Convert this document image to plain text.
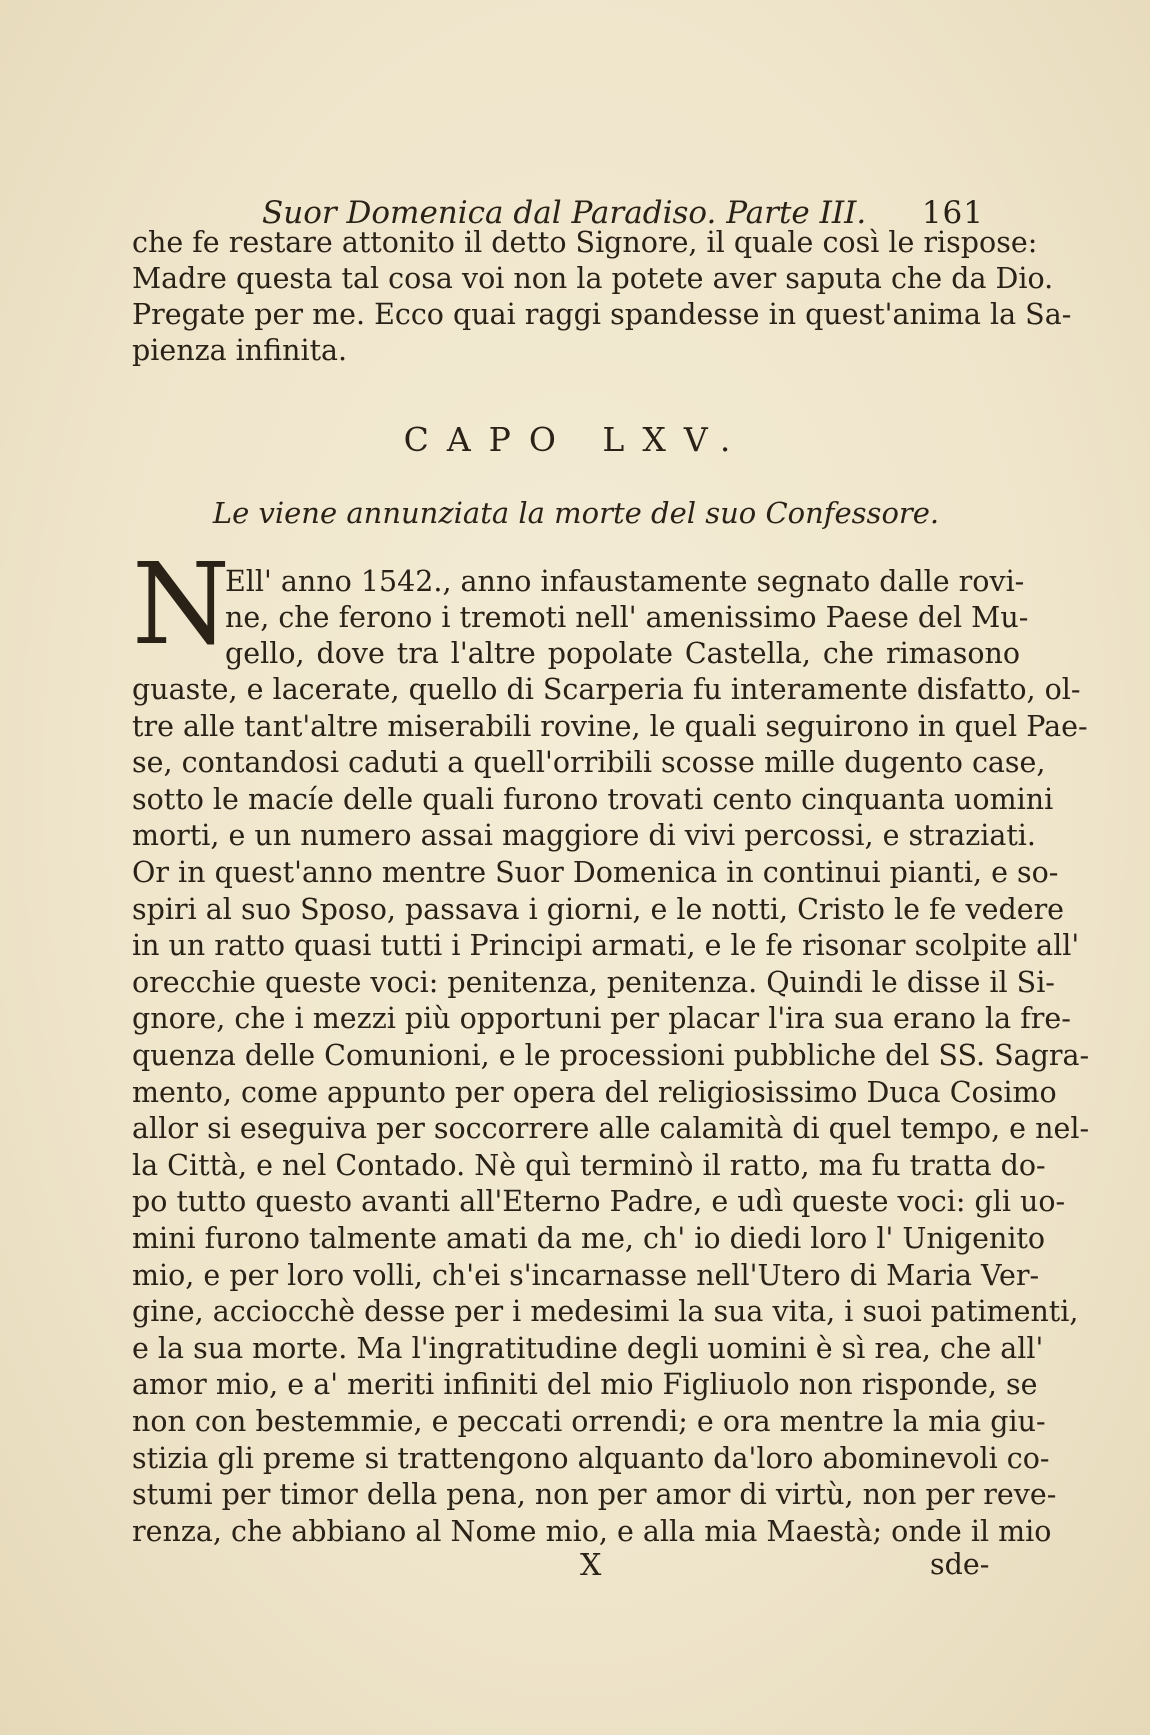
Suor Domenica dal Paradiso. Parte III. 161
che fe restare attonito il detto Signore, il quale così le rispose:
Madre questa tal cosa voi non la potete aver saputa che da Dio.
Pregate per me. Ecco quai raggi spandesse in quest'anima la Sa-
pienza infinita.
CAPO LXV.
Le viene annunziata la morte del suo Confessore.
N
Ell' anno 1542., anno infaustamente segnato dalle rovi-
ne, che ferono i tremoti nell' amenissimo Paese del Mu-
gello, dove tra l'altre popolate Castella, che rimasono
guaste, e lacerate, quello di Scarperia fu interamente disfatto, ol-
tre alle tant'altre miserabili rovine, le quali seguirono in quel Pae-
se, contandosi caduti a quell'orribili scosse mille dugento case,
sotto le macíe delle quali furono trovati cento cinquanta uomini
morti, e un numero assai maggiore di vivi percossi, e straziati.
Or in quest'anno mentre Suor Domenica in continui pianti, e so-
spiri al suo Sposo, passava i giorni, e le notti, Cristo le fe vedere
in un ratto quasi tutti i Principi armati, e le fe risonar scolpite all'
orecchie queste voci: penitenza, penitenza. Quindi le disse il Si-
gnore, che i mezzi più opportuni per placar l'ira sua erano la fre-
quenza delle Comunioni, e le processioni pubbliche del SS. Sagra-
mento, come appunto per opera del religiosissimo Duca Cosimo
allor si eseguiva per soccorrere alle calamità di quel tempo, e nel-
la Città, e nel Contado. Nè quì terminò il ratto, ma fu tratta do-
po tutto questo avanti all'Eterno Padre, e udì queste voci: gli uo-
mini furono talmente amati da me, ch' io diedi loro l' Unigenito
mio, e per loro volli, ch'ei s'incarnasse nell'Utero di Maria Ver-
gine, acciocchè desse per i medesimi la sua vita, i suoi patimenti,
e la sua morte. Ma l'ingratitudine degli uomini è sì rea, che all'
amor mio, e a' meriti infiniti del mio Figliuolo non risponde, se
non con bestemmie, e peccati orrendi; e ora mentre la mia giu-
stizia gli preme si trattengono alquanto da'loro abominevoli co-
stumi per timor della pena, non per amor di virtù, non per reve-
renza, che abbiano al Nome mio, e alla mia Maestà; onde il mio
X	sde-
